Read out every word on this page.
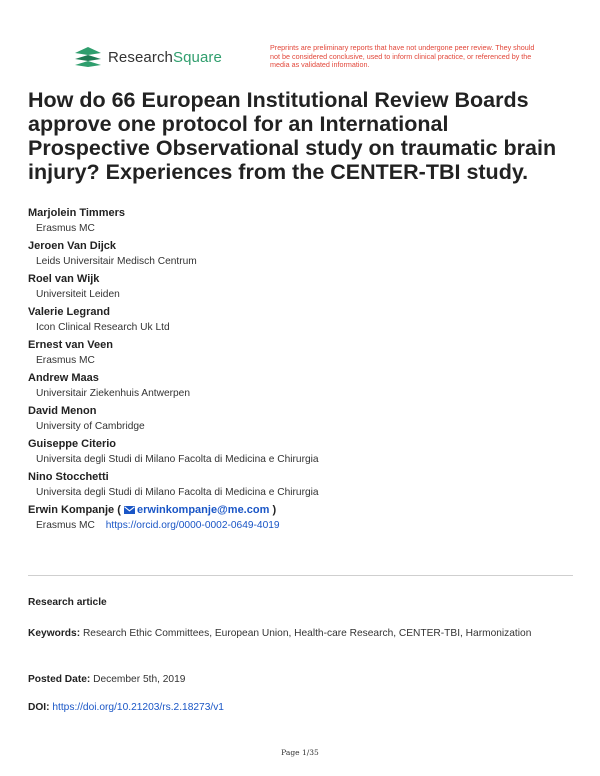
ResearchSquare
Preprints are preliminary reports that have not undergone peer review. They should not be considered conclusive, used to inform clinical practice, or referenced by the media as validated information.
How do 66 European Institutional Review Boards approve one protocol for an International Prospective Observational study on traumatic brain injury? Experiences from the CENTER-TBI study.
Marjolein Timmers
Erasmus MC
Jeroen Van Dijck
Leids Universitair Medisch Centrum
Roel van Wijk
Universiteit Leiden
Valerie Legrand
Icon Clinical Research Uk Ltd
Ernest van Veen
Erasmus MC
Andrew Maas
Universitair Ziekenhuis Antwerpen
David Menon
University of Cambridge
Guiseppe Citerio
Universita degli Studi di Milano Facolta di Medicina e Chirurgia
Nino Stocchetti
Universita degli Studi di Milano Facolta di Medicina e Chirurgia
Erwin Kompanje ( erwinkompanje@me.com )
Erasmus MC https://orcid.org/0000-0002-0649-4019
Research article
Keywords: Research Ethic Committees, European Union, Health-care Research, CENTER-TBI, Harmonization
Posted Date: December 5th, 2019
DOI: https://doi.org/10.21203/rs.2.18273/v1
Page 1/35
